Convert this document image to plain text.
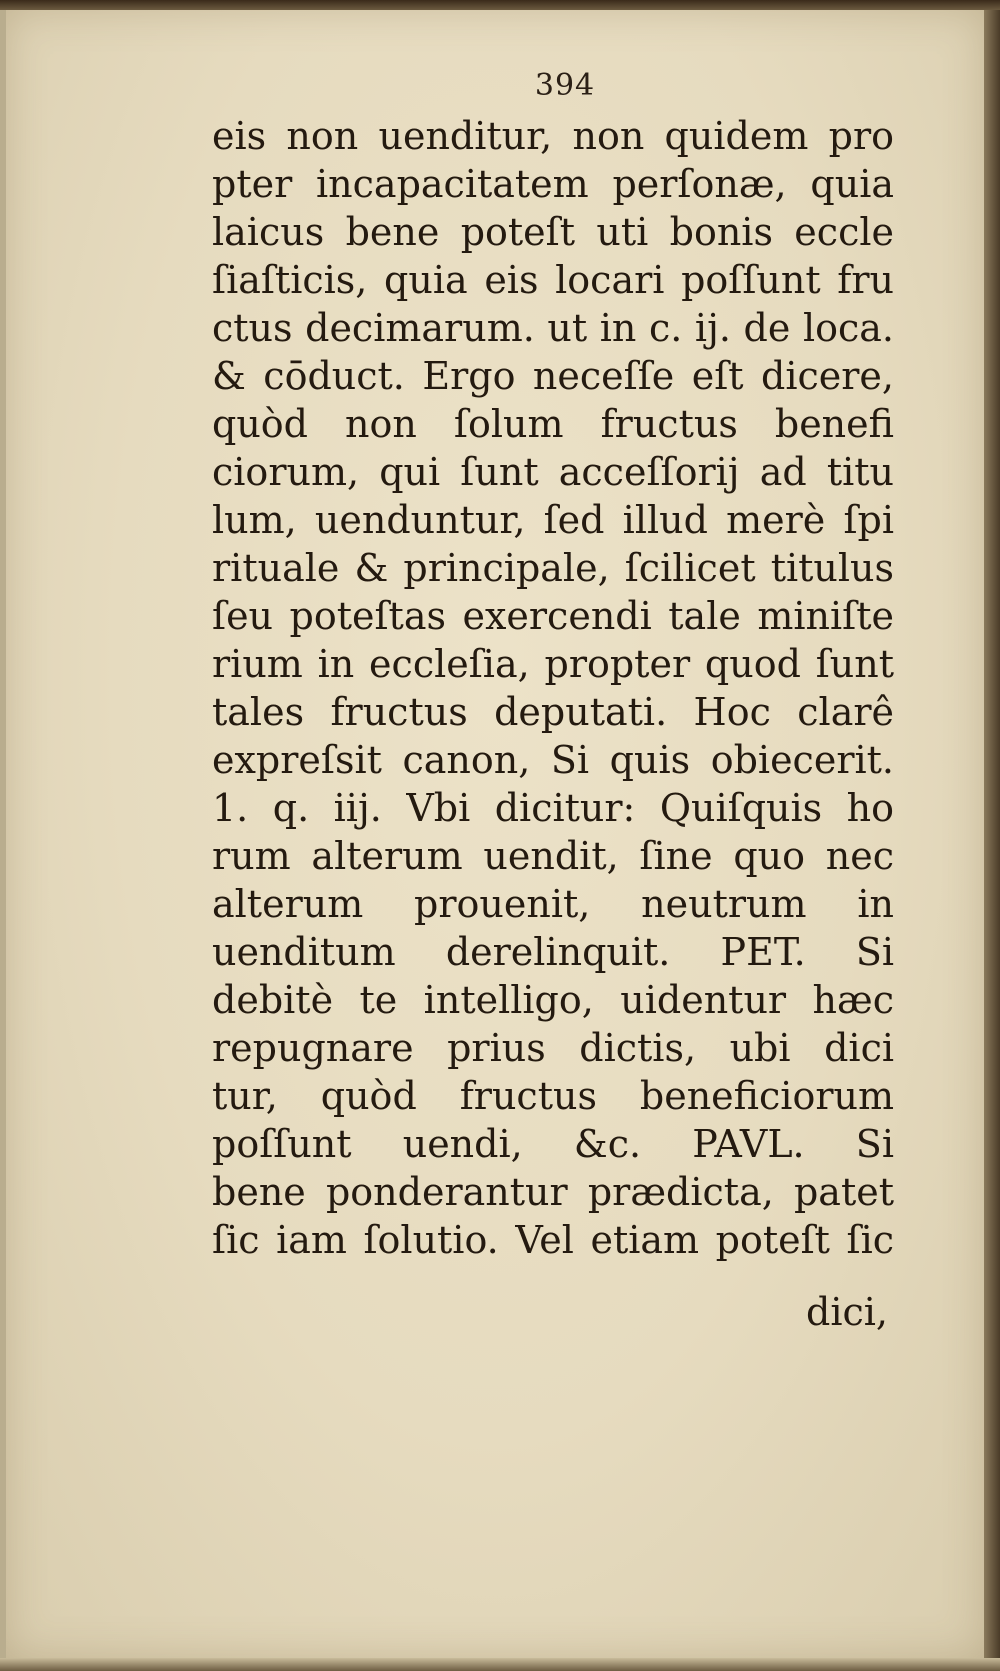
394
eis non uenditur, non quidem pro
pter incapacitatem perſonæ, quia
laicus bene poteſt uti bonis eccle
ſiaſticis, quia eis locari poſſunt fru
ctus decimarum. ut in c. ij. de loca.
& cōduct. Ergo neceſſe eſt dicere,
quòd non ſolum fructus benefi
ciorum, qui ſunt acceſſorij ad titu
lum, uenduntur, ſed illud merè ſpi
rituale & principale, ſcilicet titulus
ſeu poteſtas exercendi tale miniſte
rium in eccleſia, propter quod ſunt
tales fructus deputati. Hoc clarê
expreſsit canon, Si quis obiecerit.
1. q. iij. Vbi dicitur: Quiſquis ho
rum alterum uendit, ſine quo nec
alterum prouenit, neutrum in
uenditum derelinquit. PET. Si
debitè te intelligo, uidentur hæc
repugnare prius dictis, ubi dici
tur, quòd fructus beneficiorum
poſſunt uendi, &c. PAVL. Si
bene ponderantur prædicta, patet
ſic iam ſolutio. Vel etiam poteſt ſic
dici,
